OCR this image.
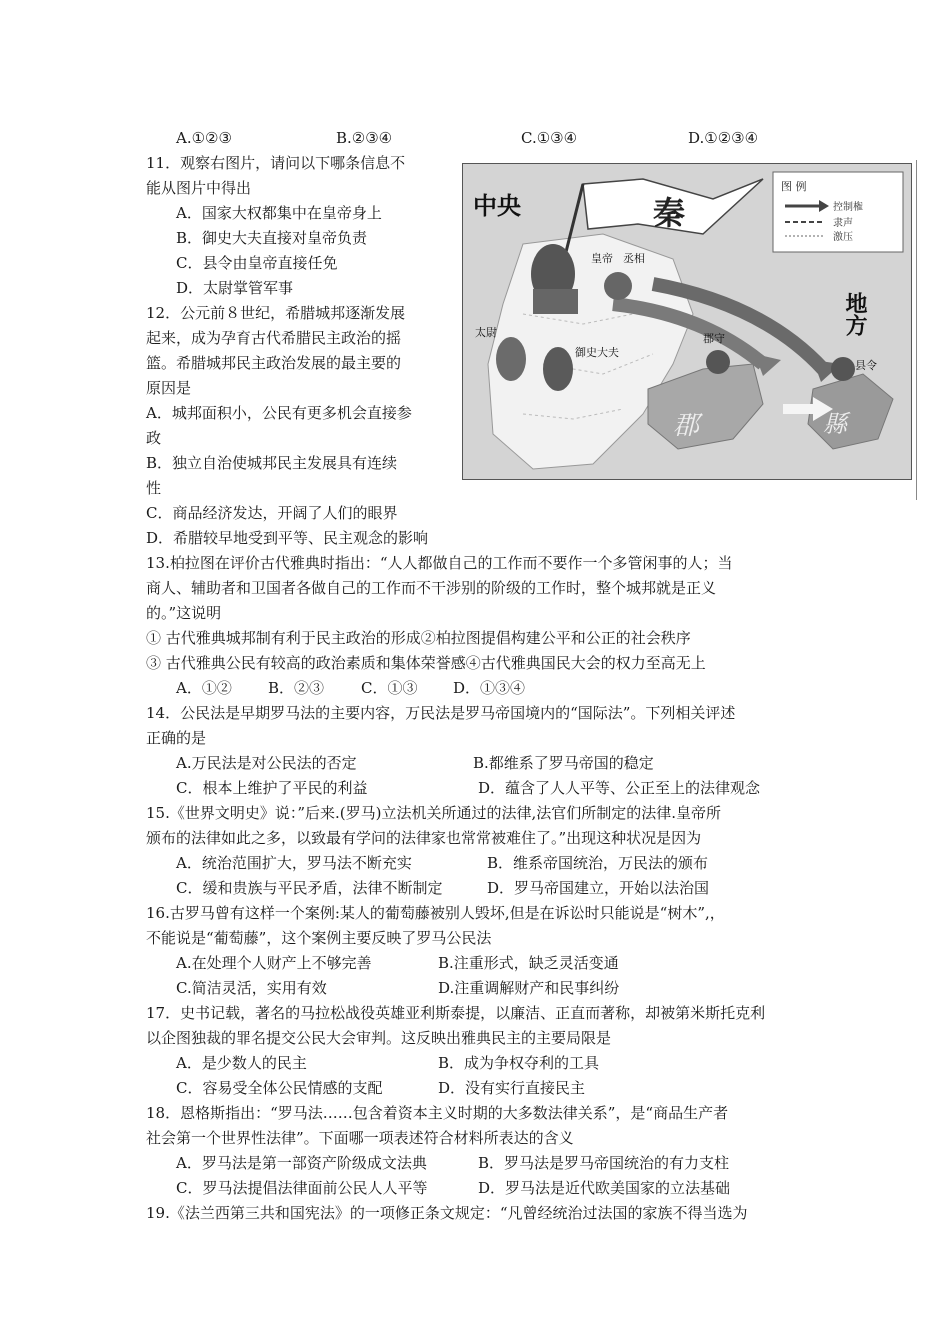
A.①②③	B.②③④	C.①③④	D.①②③④
11．观察右图片，请问以下哪条信息不
能从图片中得出
A．国家大权都集中在皇帝身上
B．御史大夫直接对皇帝负责
C．县令由皇帝直接任免
D．太尉掌管军事
中央
地方
秦
图 例
控制権
隶声
激压
皇帝 丞相
太尉
御史大夫
郡守
县令
郡	縣
12．公元前８世纪，希腊城邦逐渐发展
起来，成为孕育古代希腊民主政治的摇
篮。希腊城邦民主政治发展的最主要的
原因是
A．城邦面积小，公民有更多机会直接参
政
B．独立自治使城邦民主发展具有连续
性
C．商品经济发达，开阔了人们的眼界
D．希腊较早地受到平等、民主观念的影响
13.柏拉图在评价古代雅典时指出：“人人都做自己的工作而不要作一个多管闲事的人；当
商人、辅助者和卫国者各做自己的工作而不干涉别的阶级的工作时，整个城邦就是正义
的。”这说明
① 古代雅典城邦制有利于民主政治的形成②柏拉图提倡构建公平和公正的社会秩序
③ 古代雅典公民有较高的政治素质和集体荣誉感④古代雅典国民大会的权力至高无上
A．①② B．②③ C．①③ D．①③④
14．公民法是早期罗马法的主要内容，万民法是罗马帝国境内的“国际法”。下列相关评述
正确的是
A.万民法是对公民法的否定	B.都维系了罗马帝国的稳定
C．根本上维护了平民的利益	D．蕴含了人人平等、公正至上的法律观念
15.《世界文明史》说：”后来.(罗马)立法机关所通过的法律,法官们所制定的法律.皇帝所
颁布的法律如此之多，以致最有学问的法律家也常常被难住了。”出现这种状况是因为
A．统治范围扩大，罗马法不断充实	B．维系帝国统治，万民法的颁布
C．缓和贵族与平民矛盾，法律不断制定	D．罗马帝国建立，开始以法治国
16.古罗马曾有这样一个案例:某人的葡萄藤被别人毁坏,但是在诉讼时只能说是“树木”,，
不能说是“葡萄藤”，这个案例主要反映了罗马公民法
A.在处理个人财产上不够完善	B.注重形式，缺乏灵活变通
C.简洁灵活，实用有效	D.注重调解财产和民事纠纷
17．史书记载，著名的马拉松战役英雄亚利斯泰提，以廉洁、正直而著称，却被第米斯托克利
以企图独裁的罪名提交公民大会审判。这反映出雅典民主的主要局限是
A．是少数人的民主	B．成为争权夺利的工具
C．容易受全体公民情感的支配	D．没有实行直接民主
18．恩格斯指出：“罗马法……包含着资本主义时期的大多数法律关系”，是“商品生产者
社会第一个世界性法律”。下面哪一项表述符合材料所表达的含义
A．罗马法是第一部资产阶级成文法典	B．罗马法是罗马帝国统治的有力支柱
C．罗马法提倡法律面前公民人人平等	D．罗马法是近代欧美国家的立法基础
19.《法兰西第三共和国宪法》的一项修正条文规定：“凡曾经统治过法国的家族不得当选为
